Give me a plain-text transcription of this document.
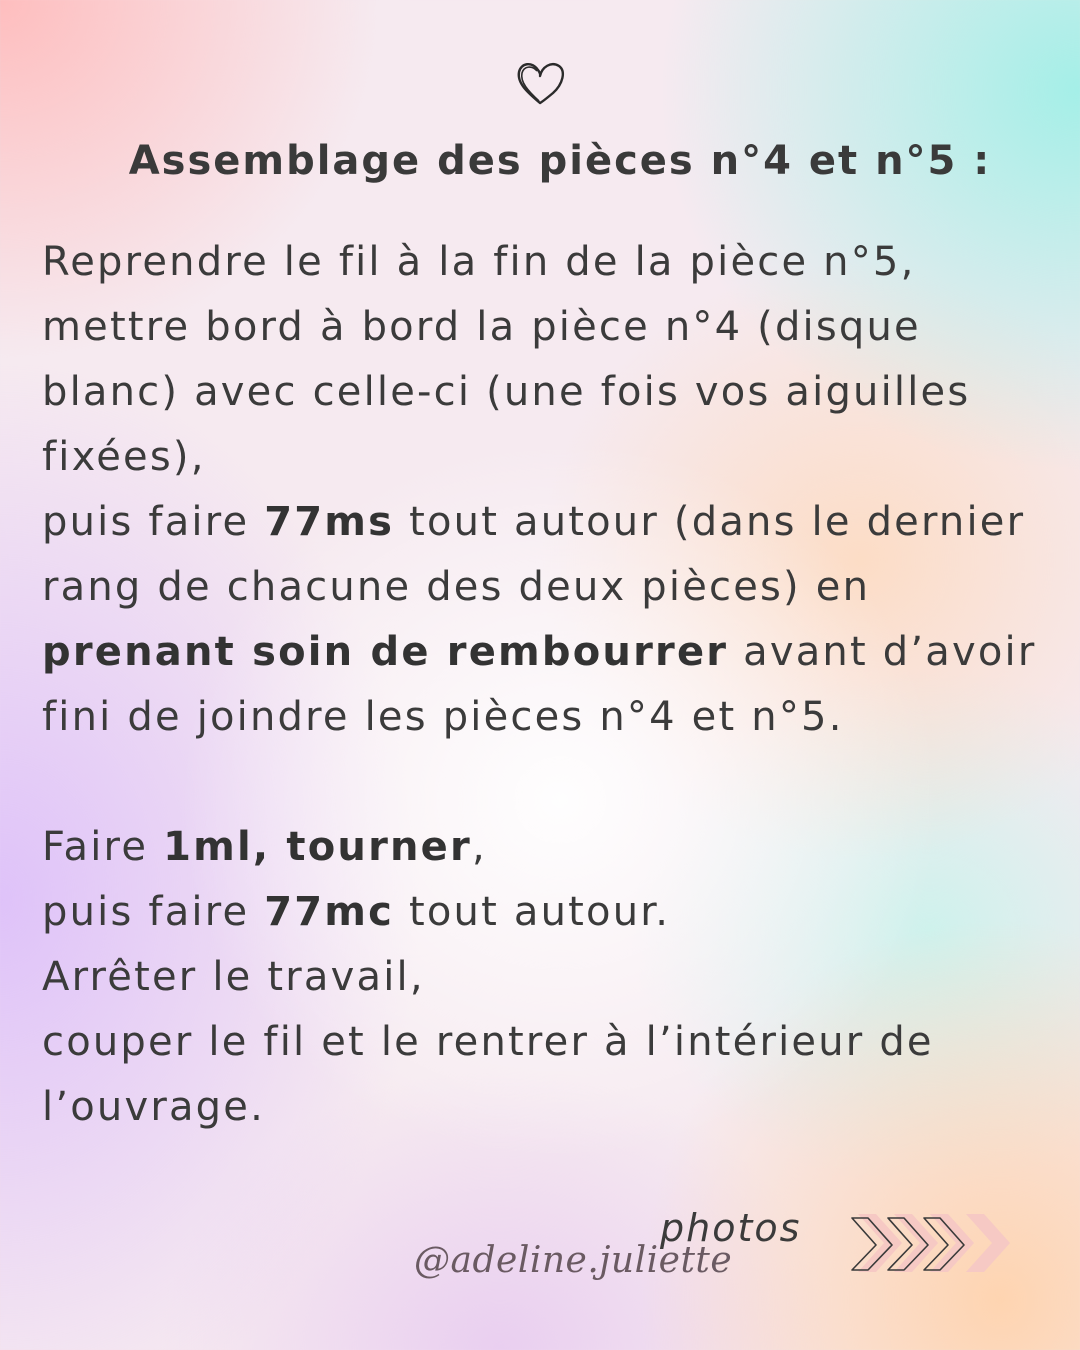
Assemblage des pièces n°4 et n°5 :

Reprendre le fil à la fin de la pièce n°5,

mettre bord à bord la pièce n°4 (disque

blanc) avec celle-ci (une fois vos aiguilles

fixées),

puis faire 77ms tout autour (dans le dernier

rang de chacune des deux pièces) en

prenant soin de rembourrer avant d’avoir

fini de joindre les pièces n°4 et n°5.

Faire 1ml, tourner,

puis faire 77mc tout autour.

Arrêter le travail,

couper le fil et le rentrer à l’intérieur de

l’ouvrage.

photos
@adeline.juliette
